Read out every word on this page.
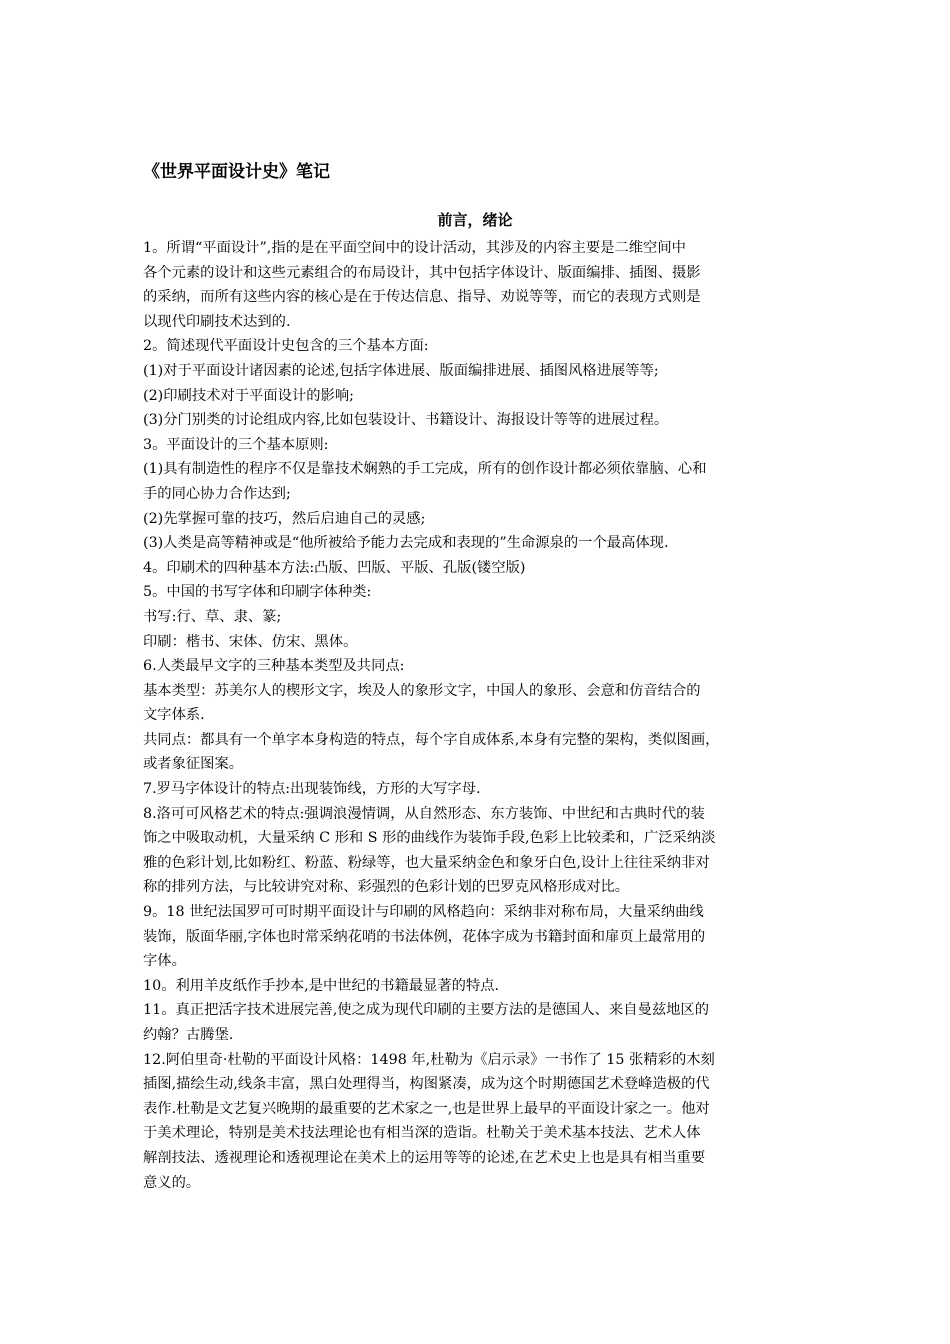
《世界平面设计史》笔记
前言，绪论
1。所谓“平面设计”,指的是在平面空间中的设计活动，其涉及的内容主要是二维空间中
各个元素的设计和这些元素组合的布局设计，其中包括字体设计、版面编排、插图、摄影
的采纳，而所有这些内容的核心是在于传达信息、指导、劝说等等，而它的表现方式则是
以现代印刷技术达到的.
2。简述现代平面设计史包含的三个基本方面:
(1)对于平面设计诸因素的论述,包括字体进展、版面编排进展、插图风格进展等等;
(2)印刷技术对于平面设计的影响;
(3)分门别类的讨论组成内容,比如包装设计、书籍设计、海报设计等等的进展过程。
3。平面设计的三个基本原则:
(1)具有制造性的程序不仅是靠技术娴熟的手工完成，所有的创作设计都必须依靠脑、心和
手的同心协力合作达到;
(2)先掌握可靠的技巧，然后启迪自己的灵感;
(3)人类是高等精神或是“他所被给予能力去完成和表现的”生命源泉的一个最高体现.
4。印刷术的四种基本方法:凸版、凹版、平版、孔版(镂空版)
5。中国的书写字体和印刷字体种类:
书写:行、草、隶、篆;
印刷：楷书、宋体、仿宋、黑体。
6.人类最早文字的三种基本类型及共同点:
基本类型：苏美尔人的楔形文字，埃及人的象形文字，中国人的象形、会意和仿音结合的
文字体系.
共同点：都具有一个单字本身构造的特点，每个字自成体系,本身有完整的架构，类似图画，
或者象征图案。
7.罗马字体设计的特点:出现装饰线，方形的大写字母.
8.洛可可风格艺术的特点:强调浪漫情调，从自然形态、东方装饰、中世纪和古典时代的装
饰之中吸取动机，大量采纳 C 形和 S 形的曲线作为装饰手段,色彩上比较柔和，广泛采纳淡
雅的色彩计划,比如粉红、粉蓝、粉绿等，也大量采纳金色和象牙白色,设计上往往采纳非对
称的排列方法，与比较讲究对称、彩强烈的色彩计划的巴罗克风格形成对比。
9。18 世纪法国罗可可时期平面设计与印刷的风格趋向：采纳非对称布局，大量采纳曲线
装饰，版面华丽,字体也时常采纳花哨的书法体例，花体字成为书籍封面和扉页上最常用的
字体。
10。利用羊皮纸作手抄本,是中世纪的书籍最显著的特点.
11。真正把活字技术进展完善,使之成为现代印刷的主要方法的是德国人、来自曼兹地区的
约翰？古腾堡.
12.阿伯里奇·杜勒的平面设计风格：1498 年,杜勒为《启示录》一书作了 15 张精彩的木刻
插图,描绘生动,线条丰富，黑白处理得当，构图紧凑，成为这个时期德国艺术登峰造极的代
表作.杜勒是文艺复兴晚期的最重要的艺术家之一,也是世界上最早的平面设计家之一。他对
于美术理论，特别是美术技法理论也有相当深的造诣。杜勒关于美术基本技法、艺术人体
解剖技法、透视理论和透视理论在美术上的运用等等的论述,在艺术史上也是具有相当重要
意义的。
